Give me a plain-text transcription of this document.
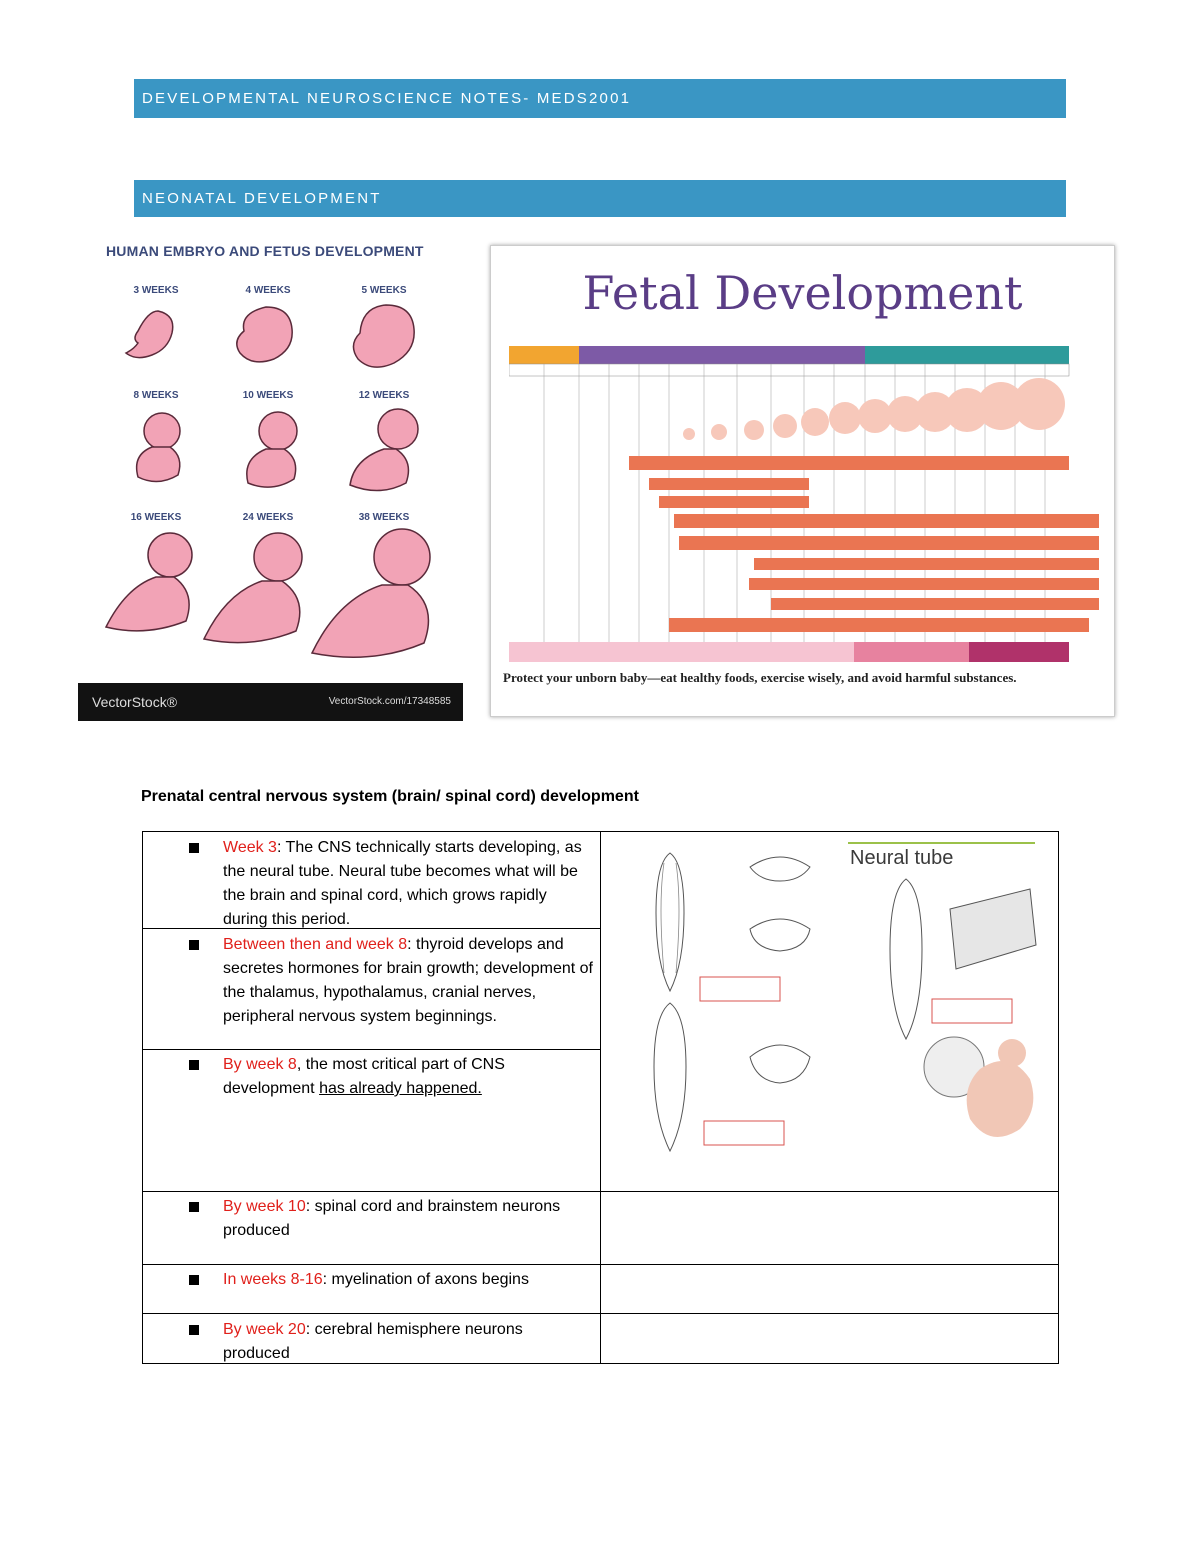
DEVELOPMENTAL NEUROSCIENCE NOTES- MEDS2001
NEONATAL DEVELOPMENT
HUMAN EMBRYO AND FETUS DEVELOPMENT
3 WEEKS	4 WEEKS	5 WEEKS
8 WEEKS	10 WEEKS	12 WEEKS
16 WEEKS	24 WEEKS	38 WEEKS
VectorStock®	VectorStock.com/17348585
Fetal Development
Protect your unborn baby—eat healthy foods, exercise wisely, and avoid harmful substances.
Prenatal central nervous system (brain/ spinal cord) development
Week 3: The CNS technically starts developing, as the neural tube. Neural tube becomes what will be the brain and spinal cord, which grows rapidly during this period.
Between then and week 8: thyroid develops and secretes hormones for brain growth; development of the thalamus, hypothalamus, cranial nerves, peripheral nervous system beginnings.
By week 8, the most critical part of CNS development has already happened.
By week 10: spinal cord and brainstem neurons produced
In weeks 8-16: myelination of axons begins
By week 20: cerebral hemisphere neurons produced
Neural tube
